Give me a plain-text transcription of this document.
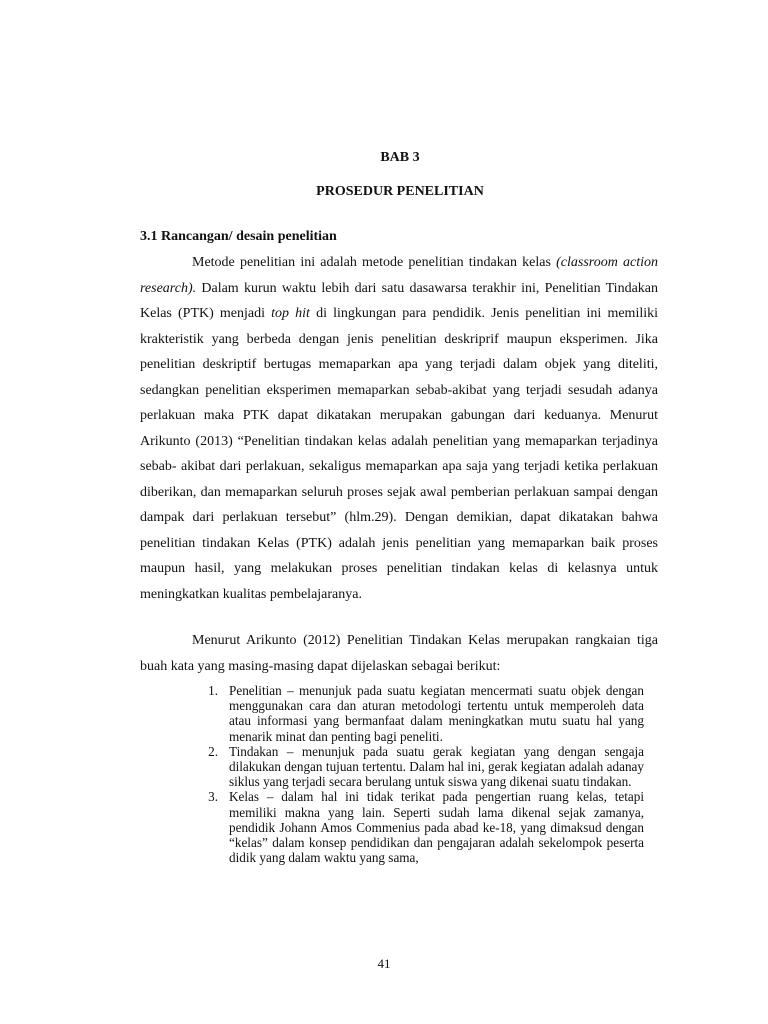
BAB 3
PROSEDUR PENELITIAN
3.1 Rancangan/ desain penelitian

Metode penelitian ini adalah metode penelitian tindakan kelas (classroom action research). Dalam kurun waktu lebih dari satu dasawarsa terakhir ini, Penelitian Tindakan Kelas (PTK) menjadi top hit di lingkungan para pendidik. Jenis penelitian ini memiliki krakteristik yang berbeda dengan jenis penelitian deskriprif maupun eksperimen. Jika penelitian deskriptif bertugas memaparkan apa yang terjadi dalam objek yang diteliti, sedangkan penelitian eksperimen memaparkan sebab-akibat yang terjadi sesudah adanya perlakuan maka PTK dapat dikatakan merupakan gabungan dari keduanya. Menurut Arikunto (2013) “Penelitian tindakan kelas adalah penelitian yang memaparkan terjadinya sebab- akibat dari perlakuan, sekaligus memaparkan apa saja yang terjadi ketika perlakuan diberikan, dan memaparkan seluruh proses sejak awal pemberian perlakuan sampai dengan dampak dari perlakuan tersebut” (hlm.29). Dengan demikian, dapat dikatakan bahwa penelitian tindakan Kelas (PTK) adalah jenis penelitian yang memaparkan baik proses maupun hasil, yang melakukan proses penelitian tindakan kelas di kelasnya untuk meningkatkan kualitas pembelajaranya.

Menurut Arikunto (2012) Penelitian Tindakan Kelas merupakan rangkaian tiga buah kata yang masing-masing dapat dijelaskan sebagai berikut:

1. Penelitian – menunjuk pada suatu kegiatan mencermati suatu objek dengan menggunakan cara dan aturan metodologi tertentu untuk memperoleh data atau informasi yang bermanfaat dalam meningkatkan mutu suatu hal yang menarik minat dan penting bagi peneliti.
2. Tindakan – menunjuk pada suatu gerak kegiatan yang dengan sengaja dilakukan dengan tujuan tertentu. Dalam hal ini, gerak kegiatan adalah adanay siklus yang terjadi secara berulang untuk siswa yang dikenai suatu tindakan.
3. Kelas – dalam hal ini tidak terikat pada pengertian ruang kelas, tetapi memiliki makna yang lain. Seperti sudah lama dikenal sejak zamanya, pendidik Johann Amos Commenius pada abad ke-18, yang dimaksud dengan “kelas” dalam konsep pendidikan dan pengajaran adalah sekelompok peserta didik yang dalam waktu yang sama,
41
